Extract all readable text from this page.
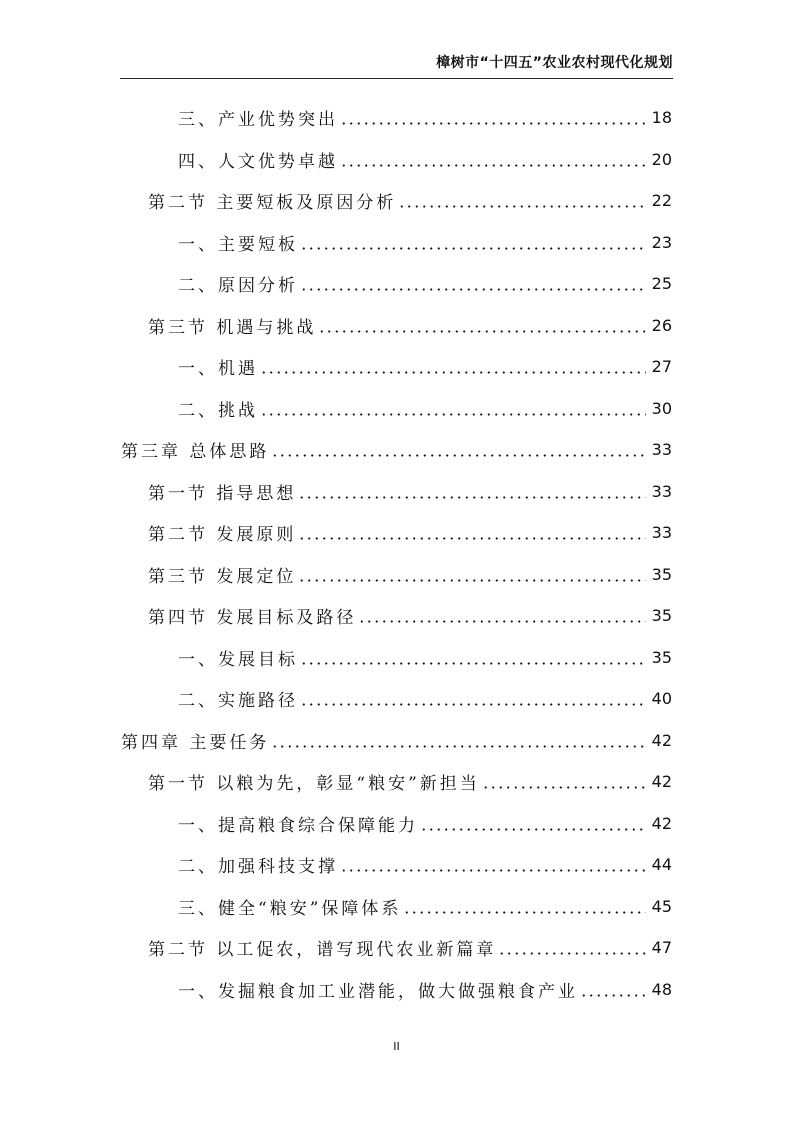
樟树市“十四五”农业农村现代化规划
三、产业优势突出	18
四、人文优势卓越	20
第二节 主要短板及原因分析	22
一、主要短板	23
二、原因分析	25
第三节 机遇与挑战	26
一、机遇	27
二、挑战	30
第三章 总体思路	33
第一节 指导思想	33
第二节 发展原则	33
第三节 发展定位	35
第四节 发展目标及路径	35
一、发展目标	35
二、实施路径	40
第四章 主要任务	42
第一节 以粮为先，彰显“粮安”新担当	42
一、提高粮食综合保障能力	42
二、加强科技支撑	44
三、健全“粮安”保障体系	45
第二节 以工促农，谱写现代农业新篇章	47
一、发掘粮食加工业潜能，做大做强粮食产业	48
II
